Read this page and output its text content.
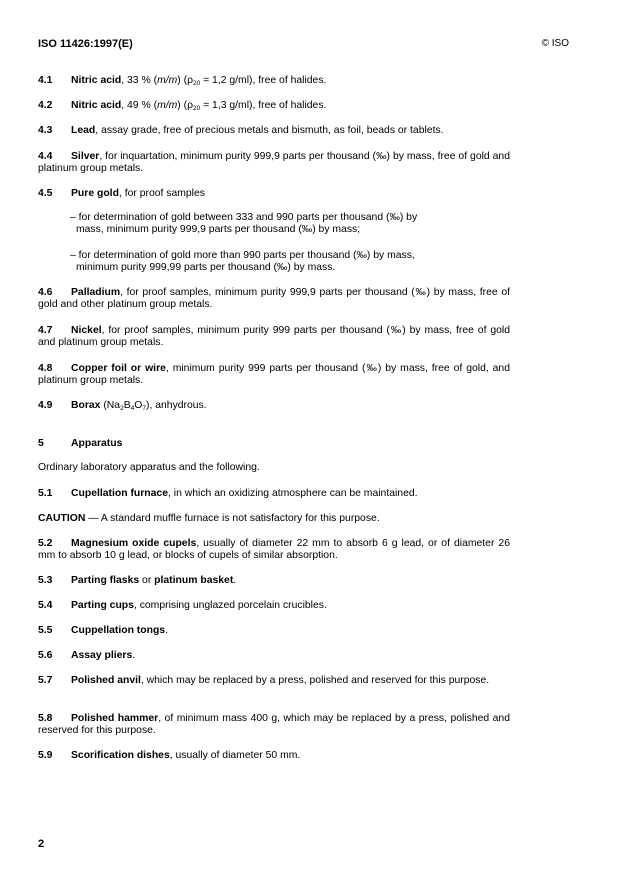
ISO 11426:1997(E)	© ISO
4.1 Nitric acid, 33 % (m/m) ($\rho_{20} = 1,2$ g/ml), free of halides.
4.2 Nitric acid, 49 % (m/m) ($\rho_{20} = 1,3$ g/ml), free of halides.
4.3 Lead, assay grade, free of precious metals and bismuth, as foil, beads or tablets.
4.4 Silver, for inquartation, minimum purity 999,9 parts per thousand (‰) by mass, free of gold and platinum group metals.
4.5 Pure gold, for proof samples
– for determination of gold between 333 and 990 parts per thousand (‰) by
mass, minimum purity 999,9 parts per thousand (‰) by mass;
– for determination of gold more than 990 parts per thousand (‰) by mass,
minimum purity 999,99 parts per thousand (‰) by mass.
4.6 Palladium, for proof samples, minimum purity 999,9 parts per thousand (‰) by mass, free of gold and other platinum group metals.
4.7 Nickel, for proof samples, minimum purity 999 parts per thousand (‰) by mass, free of gold and platinum group metals.
4.8 Copper foil or wire, minimum purity 999 parts per thousand (‰) by mass, free of gold, and platinum group metals.
4.9 Borax $(Na_2B_4O_7)$, anhydrous.
5	Apparatus
Ordinary laboratory apparatus and the following.
5.1 Cupellation furnace, in which an oxidizing atmosphere can be maintained.
CAUTION — A standard muffle furnace is not satisfactory for this purpose.
5.2 Magnesium oxide cupels, usually of diameter 22 mm to absorb 6 g lead, or of diameter 26 mm to absorb 10 g lead, or blocks of cupels of similar absorption.
5.3 Parting flasks or platinum basket.
5.4 Parting cups, comprising unglazed porcelain crucibles.
5.5 Cuppellation tongs.
5.6 Assay pliers.
5.7 Polished anvil, which may be replaced by a press, polished and reserved for this purpose.
5.8 Polished hammer, of minimum mass 400 g, which may be replaced by a press, polished and reserved for this purpose.
5.9 Scorification dishes, usually of diameter 50 mm.
2
